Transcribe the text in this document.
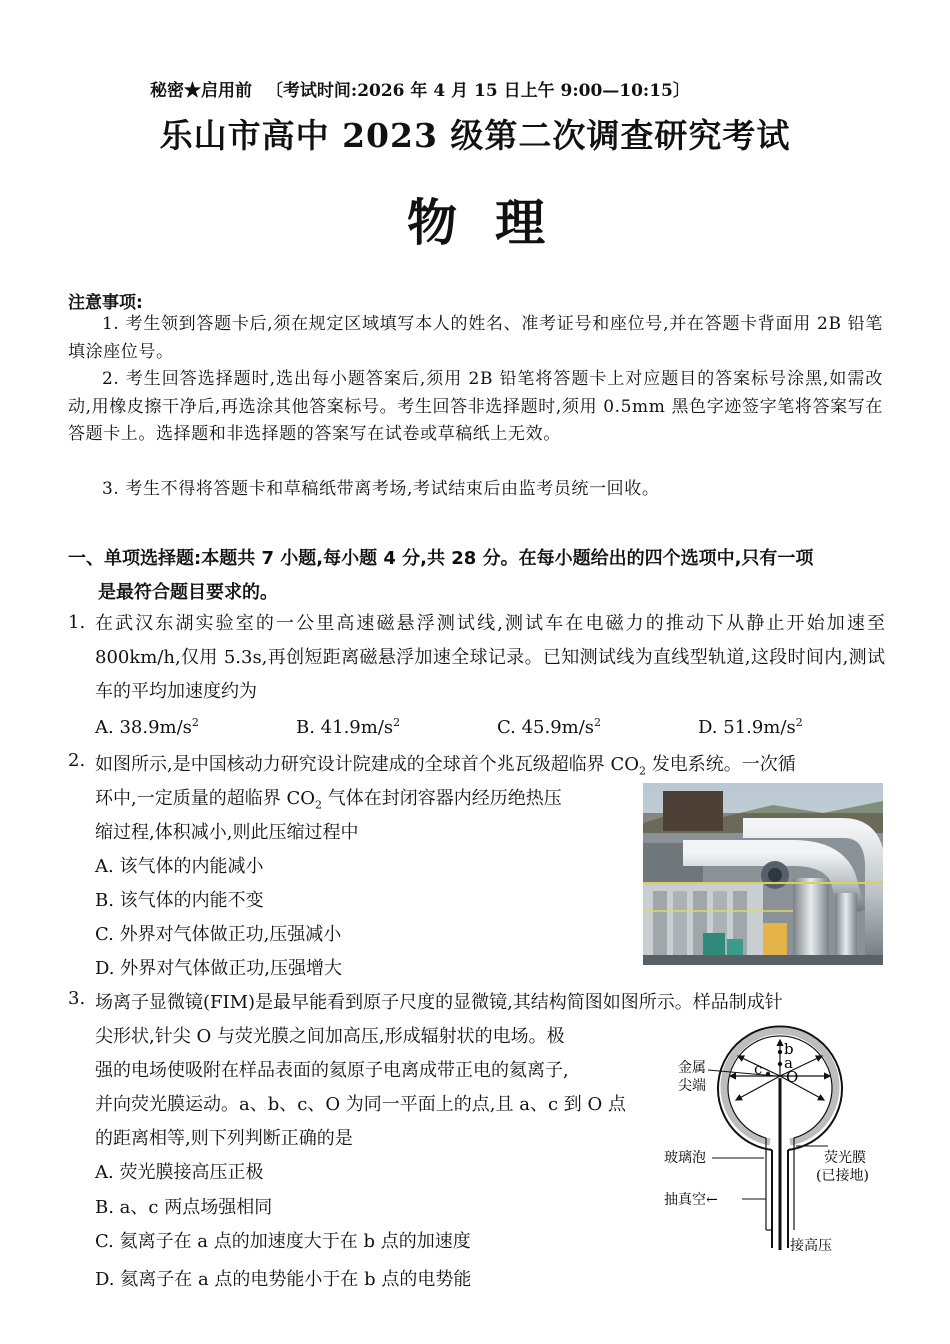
秘密★启用前 〔考试时间:2026 年 4 月 15 日上午 9:00—10:15〕
乐山市高中 2023 级第二次调查研究考试
物理
注意事项:
1. 考生领到答题卡后,须在规定区域填写本人的姓名、准考证号和座位号,并在答题卡背面用 2B 铅笔填涂座位号。
2. 考生回答选择题时,选出每小题答案后,须用 2B 铅笔将答题卡上对应题目的答案标号涂黑,如需改动,用橡皮擦干净后,再选涂其他答案标号。考生回答非选择题时,须用 0.5mm 黑色字迹签字笔将答案写在答题卡上。选择题和非选择题的答案写在试卷或草稿纸上无效。
3. 考生不得将答题卡和草稿纸带离考场,考试结束后由监考员统一回收。
一、单项选择题:本题共 7 小题,每小题 4 分,共 28 分。在每小题给出的四个选项中,只有一项
是最符合题目要求的。
1. 在武汉东湖实验室的一公里高速磁悬浮测试线,测试车在电磁力的推动下从静止开始加速至 800km/h,仅用 5.3s,再创短距离磁悬浮加速全球记录。已知测试线为直线型轨道,这段时间内,测试车的平均加速度约为
A. $38.9m/s^2$	B. $41.9m/s^2$	C. $45.9m/s^2$	D. $51.9m/s^2$
2. 如图所示,是中国核动力研究设计院建成的全球首个兆瓦级超临界 $CO_2$ 发电系统。一次循
环中,一定质量的超临界 $CO_2$ 气体在封闭容器内经历绝热压
缩过程,体积减小,则此压缩过程中
A. 该气体的内能减小
B. 该气体的内能不变
C. 外界对气体做正功,压强减小
D. 外界对气体做正功,压强增大
3. 场离子显微镜(FIM)是最早能看到原子尺度的显微镜,其结构简图如图所示。样品制成针
尖形状,针尖 O 与荧光膜之间加高压,形成辐射状的电场。极
强的电场使吸附在样品表面的氦原子电离成带正电的氦离子,
并向荧光膜运动。a、b、c、O 为同一平面上的点,且 a、c 到 O 点
的距离相等,则下列判断正确的是
A. 荧光膜接高压正极
B. a、c 两点场强相同
C. 氦离子在 a 点的加速度大于在 b 点的加速度
D. 氦离子在 a 点的电势能小于在 b 点的电势能
a
b
c O
金属
尖端
玻璃泡	荧光膜
(已接地)
抽真空←
接高压
